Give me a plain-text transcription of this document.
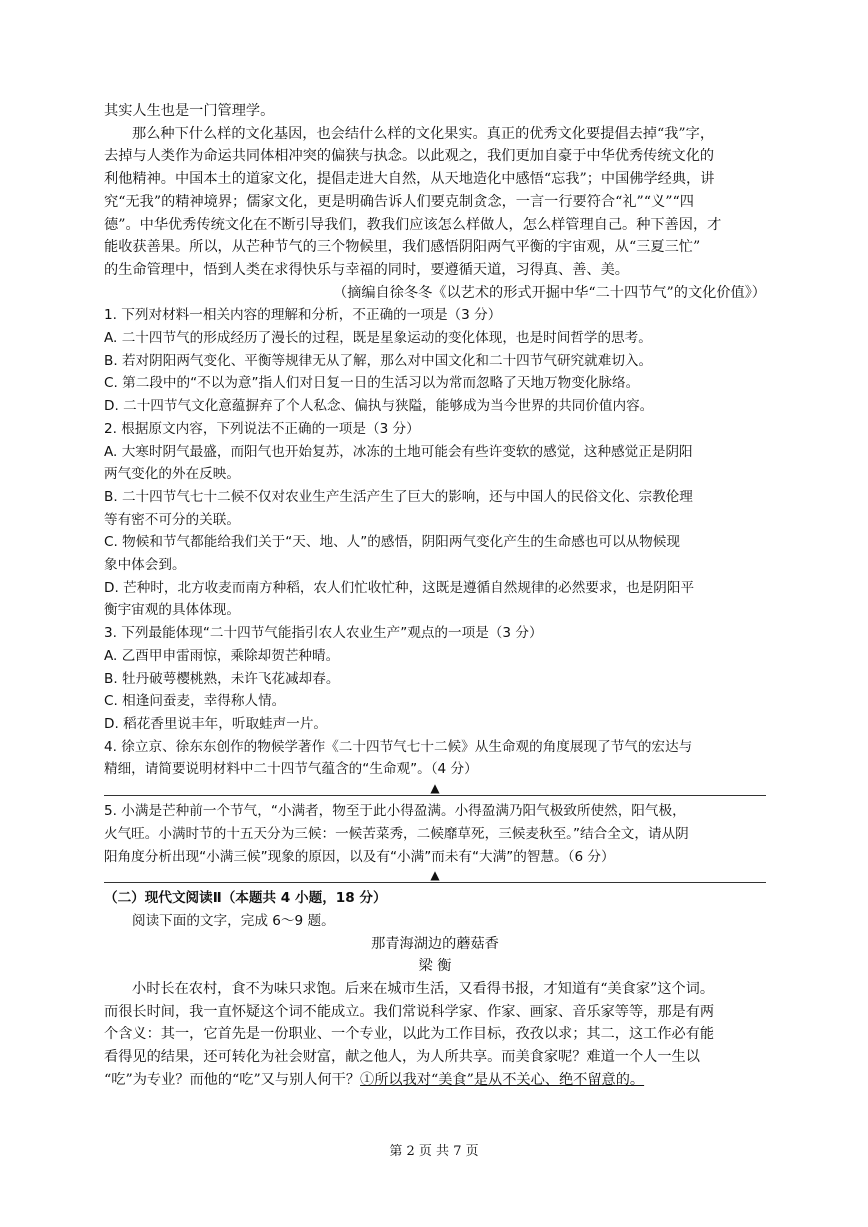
其实人生也是一门管理学。
那么种下什么样的文化基因，也会结什么样的文化果实。真正的优秀文化要提倡去掉“我”字，
去掉与人类作为命运共同体相冲突的偏狭与执念。以此观之，我们更加自豪于中华优秀传统文化的
利他精神。中国本土的道家文化，提倡走进大自然，从天地造化中感悟“忘我”；中国佛学经典，讲
究“无我”的精神境界；儒家文化，更是明确告诉人们要克制贪念，一言一行要符合“礼”“义”“四
德”。中华优秀传统文化在不断引导我们，教我们应该怎么样做人，怎么样管理自己。种下善因，才
能收获善果。所以，从芒种节气的三个物候里，我们感悟阴阳两气平衡的宇宙观，从“三夏三忙”
的生命管理中，悟到人类在求得快乐与幸福的同时，要遵循天道，习得真、善、美。
（摘编自徐冬冬《以艺术的形式开掘中华“二十四节气”的文化价值》）
1. 下列对材料一相关内容的理解和分析，不正确的一项是（3 分）
A. 二十四节气的形成经历了漫长的过程，既是星象运动的变化体现，也是时间哲学的思考。
B. 若对阴阳两气变化、平衡等规律无从了解，那么对中国文化和二十四节气研究就难切入。
C. 第二段中的“不以为意”指人们对日复一日的生活习以为常而忽略了天地万物变化脉络。
D. 二十四节气文化意蕴摒弃了个人私念、偏执与狭隘，能够成为当今世界的共同价值内容。
2. 根据原文内容，下列说法不正确的一项是（3 分）
A. 大寒时阴气最盛，而阳气也开始复苏，冰冻的土地可能会有些许变软的感觉，这种感觉正是阴阳
两气变化的外在反映。
B. 二十四节气七十二候不仅对农业生产生活产生了巨大的影响，还与中国人的民俗文化、宗教伦理
等有密不可分的关联。
C. 物候和节气都能给我们关于“天、地、人”的感悟，阴阳两气变化产生的生命感也可以从物候现
象中体会到。
D. 芒种时，北方收麦而南方种稻，农人们忙收忙种，这既是遵循自然规律的必然要求，也是阴阳平
衡宇宙观的具体体现。
3. 下列最能体现“二十四节气能指引农人农业生产”观点的一项是（3 分）
A. 乙酉甲申雷雨惊，乘除却贺芒种晴。
B. 牡丹破萼樱桃熟，未许飞花减却春。
C. 相逢问蚕麦，幸得称人情。
D. 稻花香里说丰年，听取蛙声一片。
4. 徐立京、徐东东创作的物候学著作《二十四节气七十二候》从生命观的角度展现了节气的宏达与
精细，请简要说明材料中二十四节气蕴含的“生命观”。（4 分）
▲
5. 小满是芒种前一个节气，“小满者，物至于此小得盈满。小得盈满乃阳气极致所使然，阳气极，
火气旺。小满时节的十五天分为三候：一候苦菜秀，二候靡草死，三候麦秋至。”结合全文，请从阴
阳角度分析出现“小满三候”现象的原因，以及有“小满”而未有“大满”的智慧。（6 分）
▲
（二）现代文阅读Ⅱ（本题共 4 小题，18 分）
阅读下面的文字，完成 6～9 题。
那青海湖边的蘑菇香
梁 衡
小时长在农村，食不为味只求饱。后来在城市生活，又看得书报，才知道有“美食家”这个词。
而很长时间，我一直怀疑这个词不能成立。我们常说科学家、作家、画家、音乐家等等，那是有两
个含义：其一，它首先是一份职业、一个专业，以此为工作目标，孜孜以求；其二，这工作必有能
看得见的结果，还可转化为社会财富，献之他人，为人所共享。而美食家呢？难道一个人一生以
“吃”为专业？而他的“吃”又与别人何干？①所以我对“美食”是从不关心、绝不留意的。
第 2 页 共 7 页
